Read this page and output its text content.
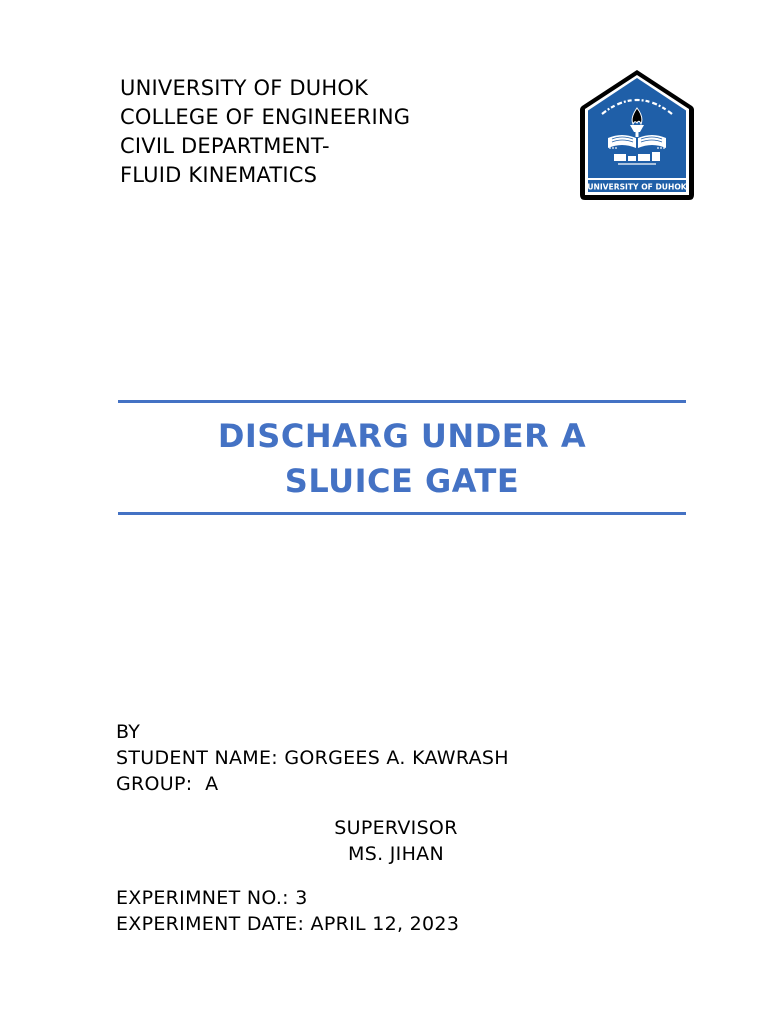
UNIVERSITY OF DUHOK
COLLEGE OF ENGINEERING
CIVIL DEPARTMENT-
FLUID KINEMATICS	UNIVERSITY OF DUHOK
DISCHARG UNDER A
SLUICE GATE
BY
STUDENT NAME: GORGEES A. KAWRASH
GROUP:  A
SUPERVISOR
MS. JIHAN
EXPERIMNET NO.: 3
EXPERIMENT DATE: APRIL 12, 2023
